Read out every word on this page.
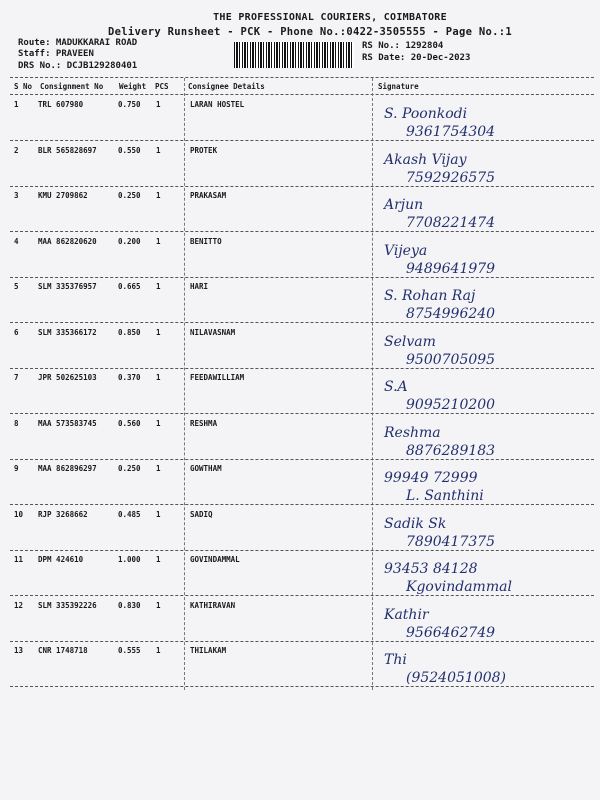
THE PROFESSIONAL COURIERS, COIMBATORE
Delivery Runsheet - PCK - Phone No.:0422-3505555 - Page No.:1
Route: MADUKKARAI ROAD
Staff: PRAVEEN
DRS No.: DCJB129280401
RS No.: 1292804
RS Date: 20-Dec-2023
S No Consignment No Weight PCS	Consignee Details	Signature
1	TRL 607980	0.750 1	LARAN HOSTEL
S. Poonkodi
9361754304
2	BLR 565828697	0.550 1	PROTEK
Akash Vijay
7592926575
3	KMU 2709862	0.250 1	PRAKASAM
Arjun
7708221474
4	MAA 862820620	0.200 1	BENITTO
Vijeya
9489641979
5	SLM 335376957	0.665 1	HARI
S. Rohan Raj
8754996240
6	SLM 335366172	0.850 1	NILAVASNAM
Selvam
9500705095
7	JPR 502625103	0.370 1	FEEDAWILLIAM
S.A
9095210200
8	MAA 573583745	0.560 1	RESHMA
Reshma
8876289183
9	MAA 862896297	0.250 1	GOWTHAM
99949 72999
L. Santhini
10 RJP 3268662	0.485 1	SADIQ
Sadik Sk
7890417375
11 DPM 424610	1.000 1	GOVINDAMMAL
93453 84128
Kgovindammal
12 SLM 335392226	0.830 1	KATHIRAVAN
Kathir
9566462749
13 CNR 1748718	0.555 1	THILAKAM
Thi
(9524051008)
